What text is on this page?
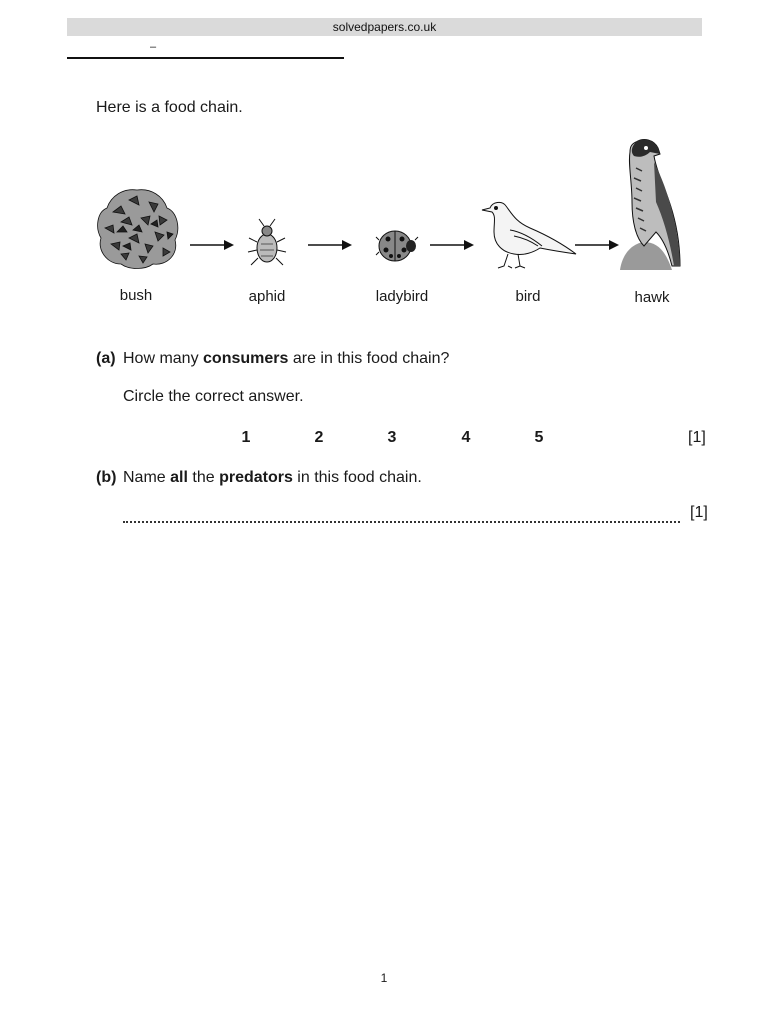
solvedpapers.co.uk
–
Here is a food chain.
bush	aphid	ladybird	bird	hawk
(a) How many consumers are in this food chain?
Circle the correct answer.
1	2	3	4	5	[1]
(b) Name all the predators in this food chain.
[1]
1
